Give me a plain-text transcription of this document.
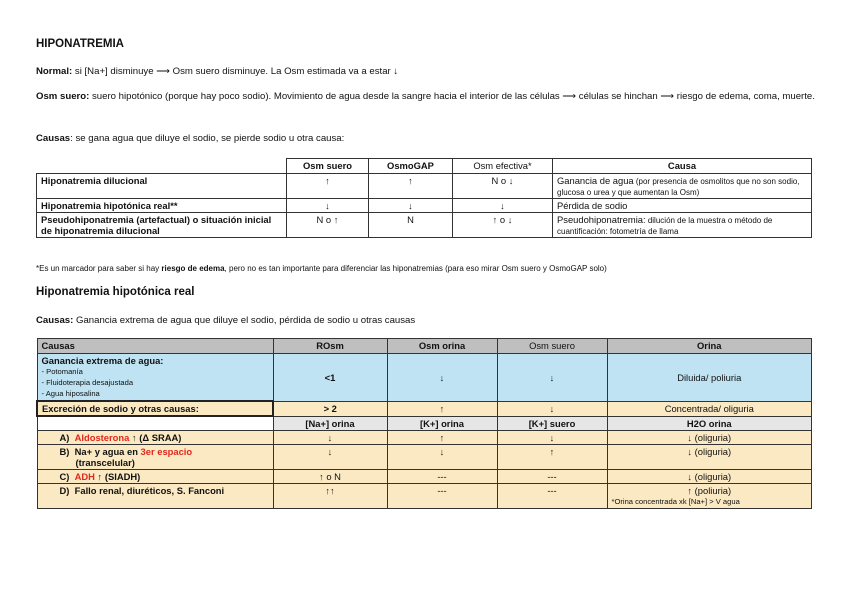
HIPONATREMIA
Normal: si [Na+] disminuye ⟶ Osm suero disminuye. La Osm estimada va a estar ↓
Osm suero: suero hipotónico (porque hay poco sodio). Movimiento de agua desde la sangre hacia el interior de las células ⟶ células se hinchan ⟶ riesgo de edema, coma, muerte.
Causas: se gana agua que diluye el sodio, se pierde sodio u otra causa:
	Osm suero	OsmoGAP	Osm efectiva*	Causa
Hiponatremia dilucional	↑	↑	N o ↓	Ganancia de agua (por presencia de osmolitos que no son sodio, glucosa o urea y que aumentan la Osm)
Hiponatremia hipotónica real**	↓	↓	↓	Pérdida de sodio
Pseudohiponatremia (artefactual) o situación inicial de hiponatremia dilucional	N o ↑	N	↑ o ↓	Pseudohiponatremia: dilución de la muestra o método de cuantificación: fotometría de llama
*Es un marcador para saber si hay riesgo de edema, pero no es tan importante para diferenciar las hiponatremias (para eso mirar Osm suero y OsmoGAP solo)
Hiponatremia hipotónica real
Causas: Ganancia extrema de agua que diluye el sodio, pérdida de sodio u otras causas
Causas	ROsm	Osm orina	Osm suero	Orina

Ganancia extrema de agua:
- Potomanía
- Fluidoterapia desajustada
- Agua hiposalina	<1	↓	↓	Diluida/ poliuria
Excreción de sodio y otras causas:	> 2	↑	↓	Concentrada/ oliguria
	[Na+] orina	[K+] orina	[K+] suero	H2O orina
A) Aldosterona ↑ (Δ SRAA)	↓	↑	↓	↓ (oliguria)
B) Na+ y agua en 3er espacio
(transcelular)	↓	↓	↑	↓ (oliguria)
C) ADH ↑ (SIADH)	↑ o N	---	---	↓ (oliguria)
D) Fallo renal, diuréticos, S. Fanconi	↑↑	---	---	↑ (poliuria)
*Orina concentrada xk [Na+] > V agua
